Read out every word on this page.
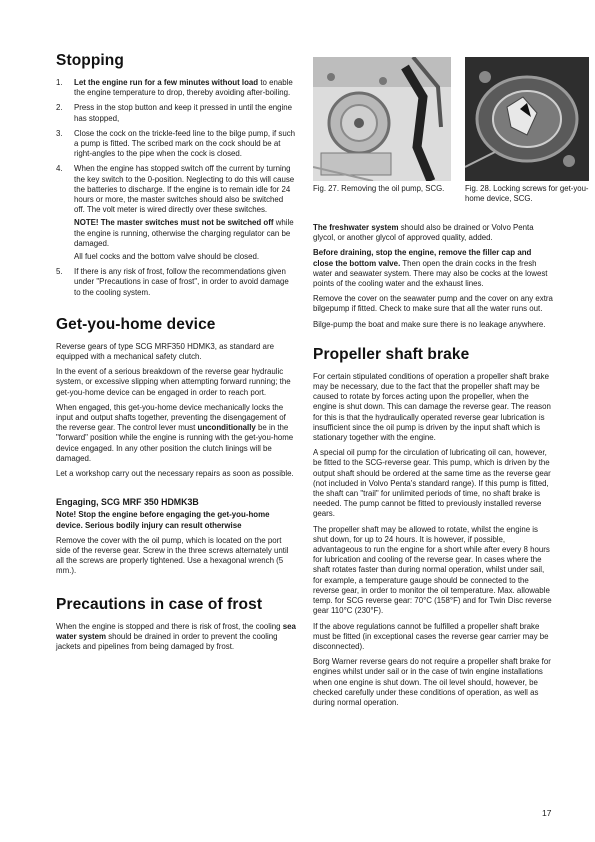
Stopping
1. Let the engine run for a few minutes without load to enable the engine temperature to drop, thereby avoiding after-boiling.
2. Press in the stop button and keep it pressed in until the engine has stopped,
3. Close the cock on the trickle-feed line to the bilge pump, if such a pump is fitted. The scribed mark on the cock should be at right-angles to the pipe when the cock is closed.
4. When the engine has stopped switch off the current by turning the key switch to the 0-position. Neglecting to do this will cause the batteries to discharge. If the engine is to remain idle for 24 hours or more, the master switches should also be switched off. The volt meter is wired directly over these switches.
NOTE! The master switches must not be switched off while the engine is running, otherwise the charging regulator can be damaged.
All fuel cocks and the bottom valve should be closed.
5. If there is any risk of frost, follow the recommendations given under "Precautions in case of frost", in order to avoid damage to the cooling system.
Get-you-home device

Reverse gears of type SCG MRF350 HDMK3, as standard are equipped with a mechanical safety clutch.

In the event of a serious breakdown of the reverse gear hydraulic system, or excessive slipping when attempting forward running; the get-you-home device can be engaged in order to reach port.

When engaged, this get-you-home device mechanically locks the input and output shafts together, preventing the disengagement of the reverse gear. The control lever must unconditionally be in the "forward" position while the engine is running with the get-you-home device engaged. In any other position the clutch linings will be damaged.

Let a workshop carry out the necessary repairs as soon as possible.

Engaging, SCG MRF 350 HDMK3B

Note! Stop the engine before engaging the get-you-home device. Serious bodily injury can result otherwise

Remove the cover with the oil pump, which is located on the port side of the reverse gear. Screw in the three screws alternately until all the screws are properly tightened. Use a hexagonal wrench (5 mm.).

Precautions in case of frost

When the engine is stopped and there is risk of frost, the cooling sea water system should be drained in order to prevent the cooling jackets and pipelines from being damaged by frost.

Fig. 27. Removing the oil pump, SCG.	Fig. 28. Locking screws for get-you-home device, SCG.

The freshwater system should also be drained or Volvo Penta glycol, or another glycol of approved quality, added.

Before draining, stop the engine, remove the filler cap and close the bottom valve. Then open the drain cocks in the fresh water and seawater system. There may also be cocks at the lowest points of the cooling water and the exhaust lines.

Remove the cover on the seawater pump and the cover on any extra bilgepump if fitted. Check to make sure that all the water runs out.

Bilge-pump the boat and make sure there is no leakage anywhere.

Propeller shaft brake

For certain stipulated conditions of operation a propeller shaft brake may be necessary, due to the fact that the propeller shaft may be caused to rotate by forces acting upon the propeller, when the engine is shut down. This can damage the reverse gear. The reason for this is that the hydraulically operated reverse gear lubrication is insufficient since the oil pump is driven by the input shaft which is stationary together with the engine.

A special oil pump for the circulation of lubricating oil can, however, be fitted to the SCG-reverse gear. This pump, which is driven by the output shaft should be ordered at the same time as the reverse gear (not included in Volvo Penta's standard range). If this pump is fitted, the shaft can "trail" for unlimited periods of time, no shaft brake is needed. The pump cannot be fitted to previously installed reverse gears.

The propeller shaft may be allowed to rotate, whilst the engine is shut down, for up to 24 hours. It is however, if possible, advantageous to run the engine for a short while after every 8 hours for lubrication and cooling of the reverse gear. In cases where the shaft rotates faster than during normal operation, whilst under sail, for example, a temperature gauge should be connected to the reverse gear, in order to monitor the oil temperature. Max. allowable temp. for SCG reverse gear: 70°C (158°F) and for Twin Disc reverse gear 110°C (230°F).

If the above regulations cannot be fulfilled a propeller shaft brake must be fitted (in exceptional cases the reverse gear carrier may be disconnected).

Borg Warner reverse gears do not require a propeller shaft brake for engines whilst under sail or in the case of twin engine installations when one engine is shut down. The oil level should, however, be checked carefully under these conditions of operation, as well as during normal operation.

17
